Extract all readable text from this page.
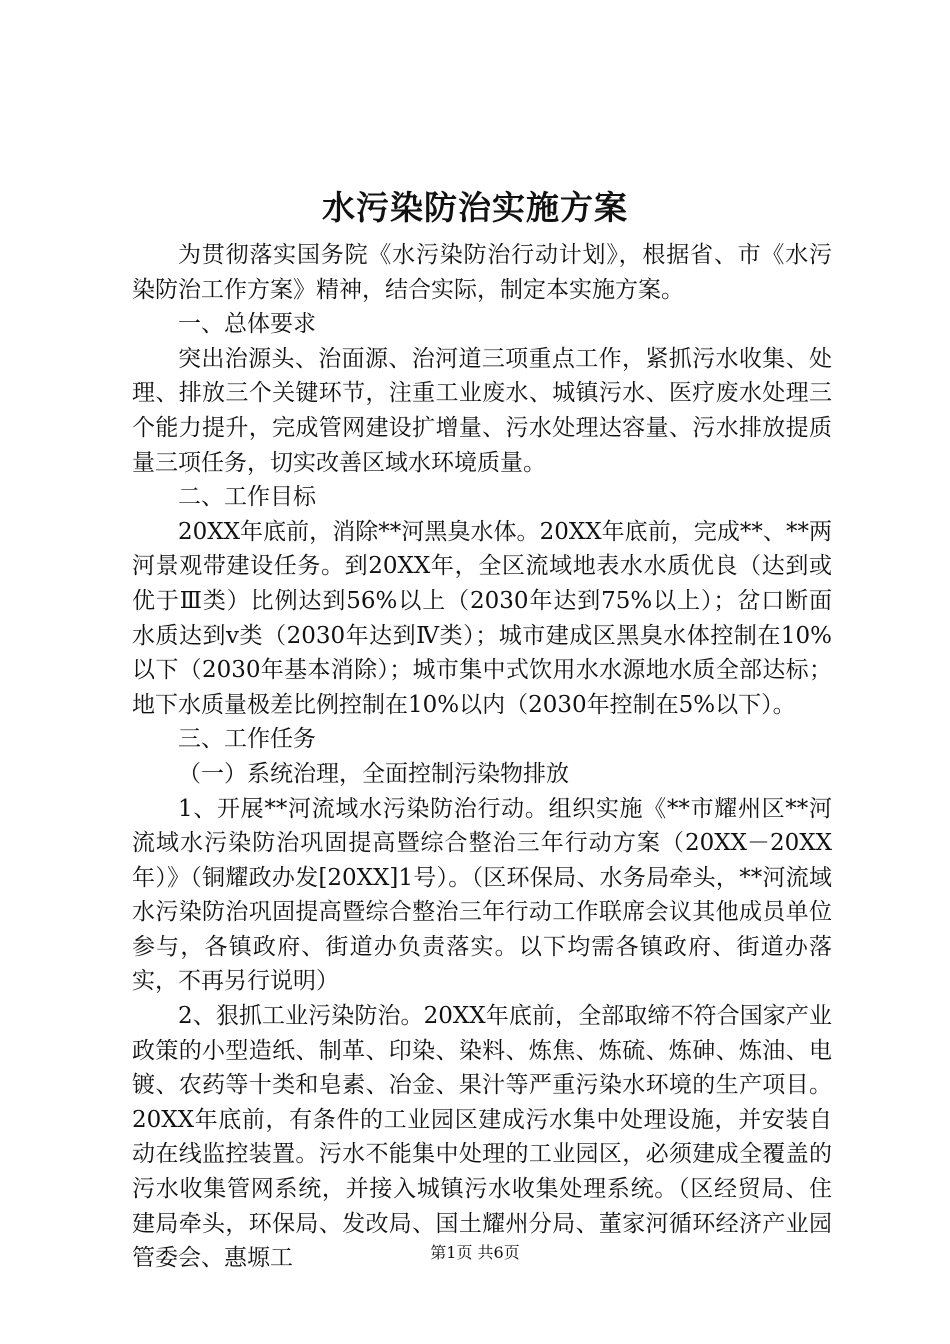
水污染防治实施方案

为贯彻落实国务院《水污染防治行动计划》，根据省、市《水污染防治工作方案》精神，结合实际，制定本实施方案。

一、总体要求

突出治源头、治面源、治河道三项重点工作，紧抓污水收集、处理、排放三个关键环节，注重工业废水、城镇污水、医疗废水处理三个能力提升，完成管网建设扩增量、污水处理达容量、污水排放提质量三项任务，切实改善区域水环境质量。

二、工作目标

20XX年底前，消除**河黑臭水体。20XX年底前，完成**、**两河景观带建设任务。到20XX年，全区流域地表水水质优良（达到或优于Ⅲ类）比例达到56%以上（2030年达到75%以上）；岔口断面水质达到ⅴ类（2030年达到Ⅳ类）；城市建成区黑臭水体控制在10%以下（2030年基本消除）；城市集中式饮用水水源地水质全部达标；地下水质量极差比例控制在10%以内（2030年控制在5%以下）。

三、工作任务

（一）系统治理，全面控制污染物排放

1、开展**河流域水污染防治行动。组织实施《**市耀州区**河流域水污染防治巩固提高暨综合整治三年行动方案（20XX－20XX年）》（铜耀政办发[20XX]1号）。（区环保局、水务局牵头，**河流域水污染防治巩固提高暨综合整治三年行动工作联席会议其他成员单位参与，各镇政府、街道办负责落实。以下均需各镇政府、街道办落实，不再另行说明）

2、狠抓工业污染防治。20XX年底前，全部取缔不符合国家产业政策的小型造纸、制革、印染、染料、炼焦、炼硫、炼砷、炼油、电镀、农药等十类和皂素、冶金、果汁等严重污染水环境的生产项目。20XX年底前，有条件的工业园区建成污水集中处理设施，并安装自动在线监控装置。污水不能集中处理的工业园区，必须建成全覆盖的污水收集管网系统，并接入城镇污水收集处理系统。（区经贸局、住建局牵头，环保局、发改局、国土耀州分局、董家河循环经济产业园管委会、惠塬工	第1页 共6页
